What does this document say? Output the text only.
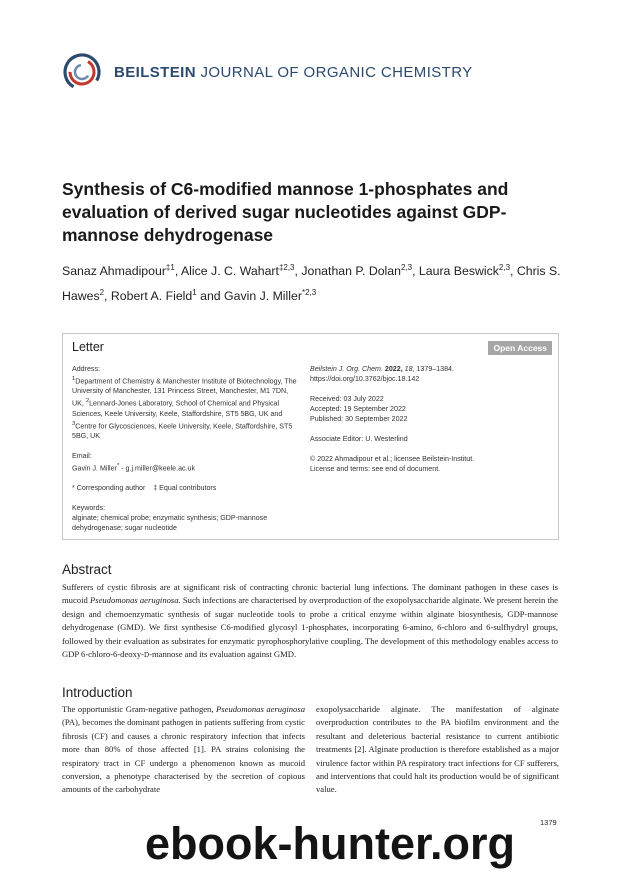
BEILSTEIN JOURNAL OF ORGANIC CHEMISTRY
Synthesis of C6-modified mannose 1-phosphates and evaluation of derived sugar nucleotides against GDP-mannose dehydrogenase
Sanaz Ahmadipour$^{\ddagger 1}$, Alice J. C. Wahart$^{\ddagger 2,3}$, Jonathan P. Dolan$^{2,3}$, Laura Beswick$^{2,3}$, Chris S. Hawes$^2$, Robert A. Field$^1$ and Gavin J. Miller$^{*2,3}$
Letter	Open Access

Address:

$^1$Department of Chemistry & Manchester Institute of Biotechnology, The University of Manchester, 131 Princess Street, Manchester, M1 7DN, UK, $^2$Lennard-Jones Laboratory, School of Chemical and Physical Sciences, Keele University, Keele, Staffordshire, ST5 5BG, UK and $^3$Centre for Glycosciences, Keele University, Keele, Staffordshire, ST5 5BG, UK

Email:

Gavin J. Miller* - g.j.miller@keele.ac.uk

* Corresponding author    ‡ Equal contributors

Keywords:

alginate; chemical probe; enzymatic synthesis; GDP-mannose dehydrogenase; sugar nucleotide

Beilstein J. Org. Chem. 2022, 18, 1379–1384.

https://doi.org/10.3762/bjoc.18.142

Received: 03 July 2022

Accepted: 19 September 2022

Published: 30 September 2022

Associate Editor: U. Westerlind

© 2022 Ahmadipour et al.; licensee Beilstein-Institut.

License and terms: see end of document.

Abstract
Sufferers of cystic fibrosis are at significant risk of contracting chronic bacterial lung infections. The dominant pathogen in these cases is mucoid Pseudomonas aeruginosa. Such infections are characterised by overproduction of the exopolysaccharide alginate. We present herein the design and chemoenzymatic synthesis of sugar nucleotide tools to probe a critical enzyme within alginate biosynthesis, GDP-mannose dehydrogenase (GMD). We first synthesise C6-modified glycosyl 1-phosphates, incorporating 6-amino, 6-chloro and 6-sulfhydryl groups, followed by their evaluation as substrates for enzymatic pyrophosphorylative coupling. The development of this methodology enables access to GDP 6-chloro-6-deoxy-D-mannose and its evaluation against GMD.
Introduction
The opportunistic Gram-negative pathogen, Pseudomonas aeruginosa (PA), becomes the dominant pathogen in patients suffering from cystic fibrosis (CF) and causes a chronic respiratory infection that infects more than 80% of those affected [1]. PA strains colonising the respiratory tract in CF undergo a phenomenon known as mucoid conversion, a phenotype characterised by the secretion of copious amounts of the carbohydrate
exopolysaccharide alginate. The manifestation of alginate overproduction contributes to the PA biofilm environment and the resultant and deleterious bacterial resistance to current antibiotic treatments [2]. Alginate production is therefore established as a major virulence factor within PA respiratory tract infections for CF sufferers, and interventions that could halt its production would be of significant value.
1379
ebook-hunter.org
